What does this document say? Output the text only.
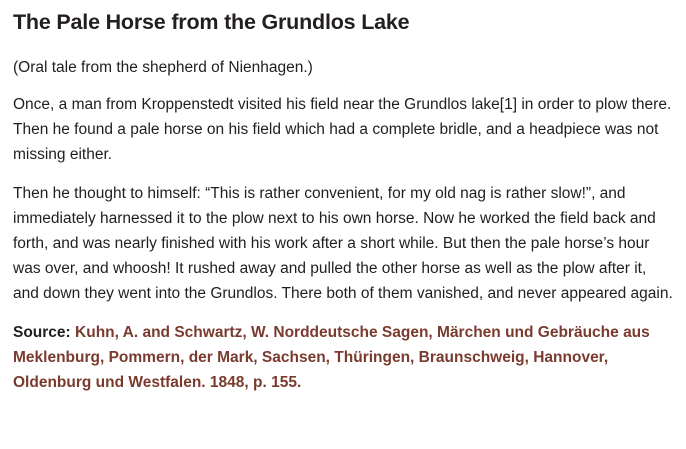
The Pale Horse from the Grundlos Lake

(Oral tale from the shepherd of Nienhagen.)

Once, a man from Kroppenstedt visited his field near the Grundlos lake[1] in order to plow there. Then he found a pale horse on his field which had a complete bridle, and a headpiece was not missing either.

Then he thought to himself: “This is rather convenient, for my old nag is rather slow!”, and immediately harnessed it to the plow next to his own horse. Now he worked the field back and forth, and was nearly finished with his work after a short while. But then the pale horse’s hour was over, and whoosh! It rushed away and pulled the other horse as well as the plow after it, and down they went into the Grundlos. There both of them vanished, and never appeared again.

Source: Kuhn, A. and Schwartz, W. Norddeutsche Sagen, Märchen und Gebräuche aus Meklenburg, Pommern, der Mark, Sachsen, Thüringen, Braunschweig, Hannover, Oldenburg und Westfalen. 1848, p. 155.
